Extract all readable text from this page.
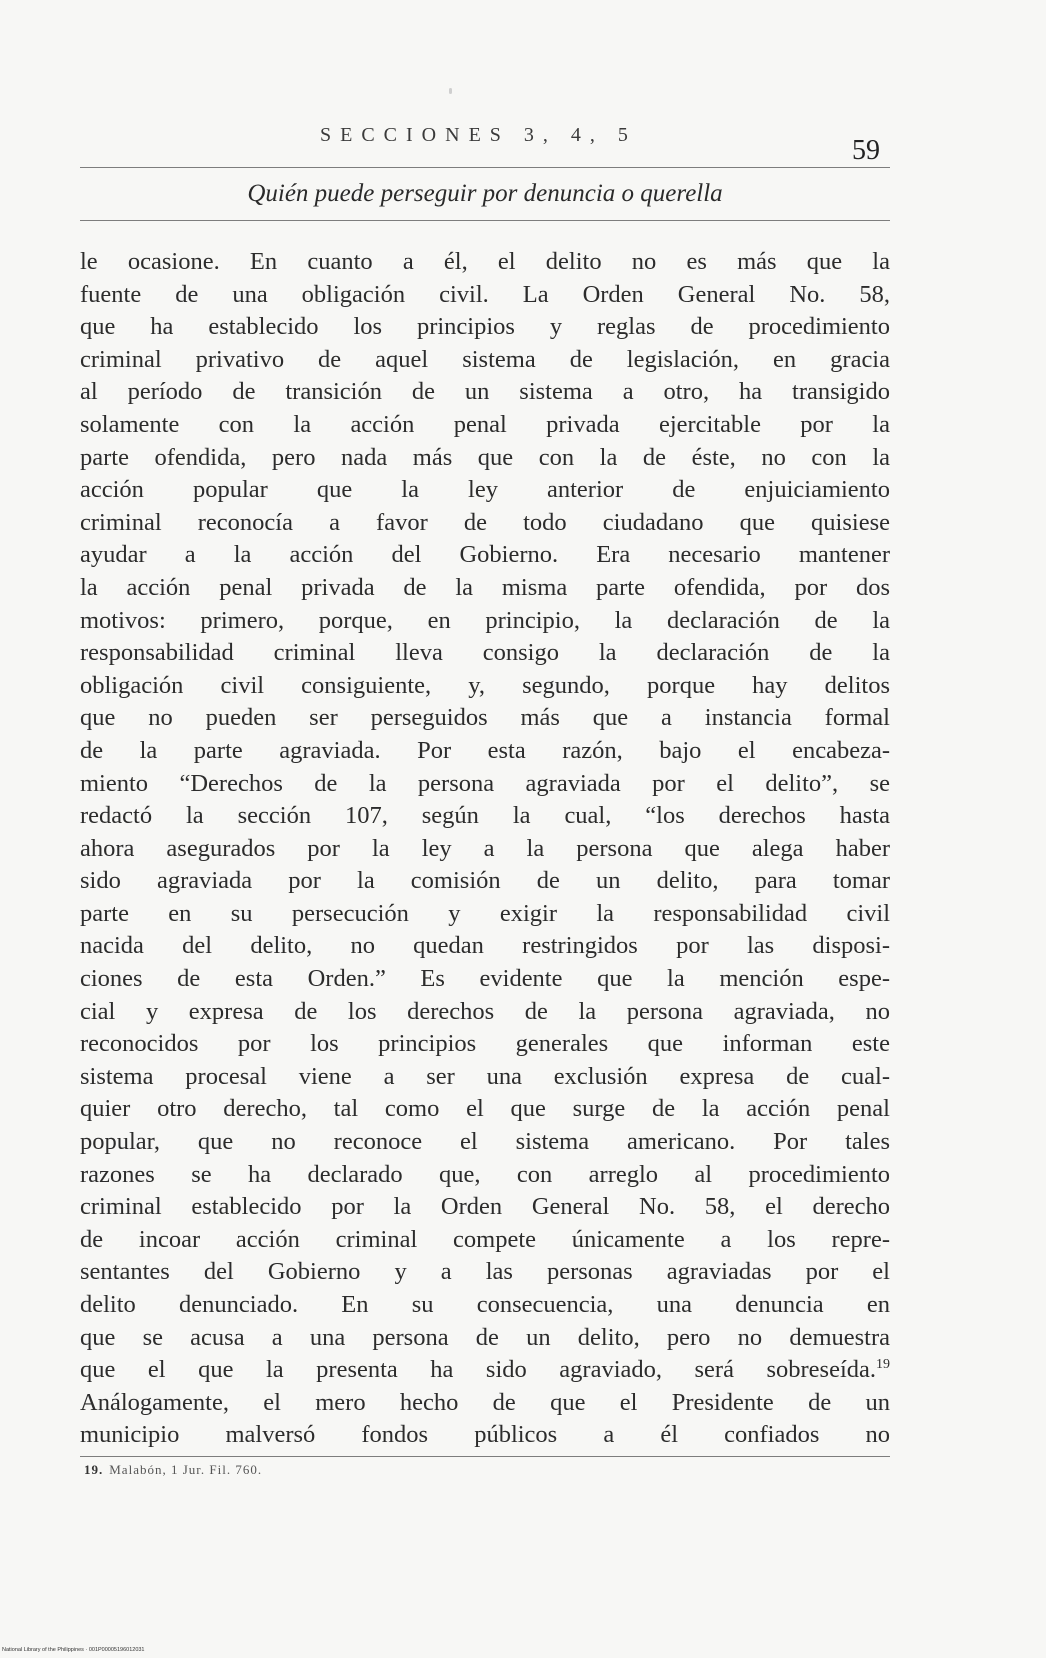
SECCIONES 3, 4, 5	59
Quién puede perseguir por denuncia o querella
le ocasione. En cuanto a él, el delito no es más que la
fuente de una obligación civil. La Orden General No. 58,
que ha establecido los principios y reglas de procedimiento
criminal privativo de aquel sistema de legislación, en gracia
al período de transición de un sistema a otro, ha transigido
solamente con la acción penal privada ejercitable por la
parte ofendida, pero nada más que con la de éste, no con la
acción popular que la ley anterior de enjuiciamiento
criminal reconocía a favor de todo ciudadano que quisiese
ayudar a la acción del Gobierno. Era necesario mantener
la acción penal privada de la misma parte ofendida, por dos
motivos: primero, porque, en principio, la declaración de la
responsabilidad criminal lleva consigo la declaración de la
obligación civil consiguiente, y, segundo, porque hay delitos
que no pueden ser perseguidos más que a instancia formal
de la parte agraviada. Por esta razón, bajo el encabeza-
miento “Derechos de la persona agraviada por el delito”, se
redactó la sección 107, según la cual, “los derechos hasta
ahora asegurados por la ley a la persona que alega haber
sido agraviada por la comisión de un delito, para tomar
parte en su persecución y exigir la responsabilidad civil
nacida del delito, no quedan restringidos por las disposi-
ciones de esta Orden.” Es evidente que la mención espe-
cial y expresa de los derechos de la persona agraviada, no
reconocidos por los principios generales que informan este
sistema procesal viene a ser una exclusión expresa de cual-
quier otro derecho, tal como el que surge de la acción penal
popular, que no reconoce el sistema americano. Por tales
razones se ha declarado que, con arreglo al procedimiento
criminal establecido por la Orden General No. 58, el derecho
de incoar acción criminal compete únicamente a los repre-
sentantes del Gobierno y a las personas agraviadas por el
delito denunciado. En su consecuencia, una denuncia en
que se acusa a una persona de un delito, pero no demuestra
que el que la presenta ha sido agraviado, será sobreseída.$^{19}$
Análogamente, el mero hecho de que el Presidente de un
municipio malversó fondos públicos a él confiados no
19. Malabón, 1 Jur. Fil. 760.
National Library of the Philippines · 001P00005196012031
